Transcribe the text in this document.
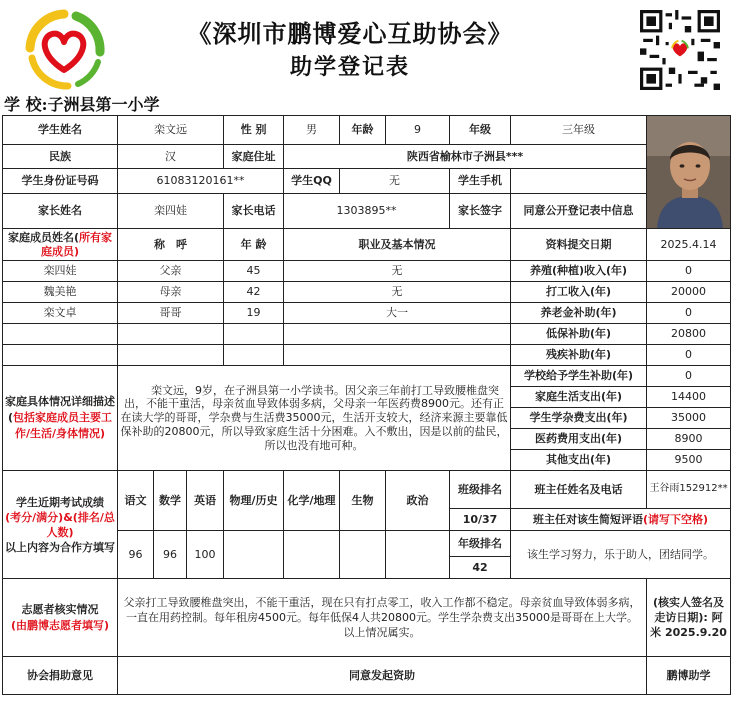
《深圳市鹏博爱心互助协会》
助学登记表
学 校:子洲县第一小学
学生姓名	栾文远			性 别	男	年龄	9	年级	三年级	

民族	汉			家庭住址	陕西省榆林市子洲县***					
学生身份证号码	61083120161**				学生QQ	无		学生手机		
家长姓名	栾四娃			家长电话	1303895**			家长签字	同意公开登记表中信息	
家庭成员姓名(所有家庭成员)	称　呼			年 龄	职业及基本情况				资料提交日期	2025.4.14
栾四娃	父亲			45	无				养殖(种植)收入(年)	0
魏美艳	母亲			42	无				打工收入(年)	20000
栾文卓	哥哥			19	大一				养老金补助(年)	0
									低保补助(年)	20800
									残疾补助(年)	0
家庭具体情况详细描述(包括家庭成员主要工作/生活/身体情况)	栾文远，9岁，在子洲县第一小学读书。因父亲三年前打工导致腰椎盘突出，不能干重活，母亲贫血导致体弱多病，父母亲一年医药费8900元。还有正在读大学的哥哥，学杂费与生活费35000元，生活开支较大，经济来源主要靠低保补助的20800元，所以导致家庭生活十分困难。入不敷出，因是以前的盐民，所以也没有地可种。								学校给予学生补助(年)	0
									家庭生活支出(年)	14400
									学生学杂费支出(年)	35000
									医药费用支出(年)	8900
									其他支出(年)	9500
学生近期考试成绩
(考分/满分)&(排名/总人数)
以上内容为合作方填写	语文	数学	英语	物理/历史	化学/地理	生物	政治	班级排名	班主任姓名及电话	王谷雨152912**
								10/37	班主任对该生简短评语(请写下空格)	
	96	96	100					年级排名	该生学习努力，乐于助人，团结同学。	
								42		
志愿者核实情况
(由鹏博志愿者填写)	父亲打工导致腰椎盘突出，不能干重活，现在只有打点零工，收入工作都不稳定。母亲贫血导致体弱多病，一直在用药控制。每年租房4500元。每年低保4人共20800元。学生学杂费支出35000是哥哥在上大学。以上情况属实。									(核实人签名及走访日期): 阿米 2025.9.20
协会捐助意见	同意发起资助									鹏博助学
